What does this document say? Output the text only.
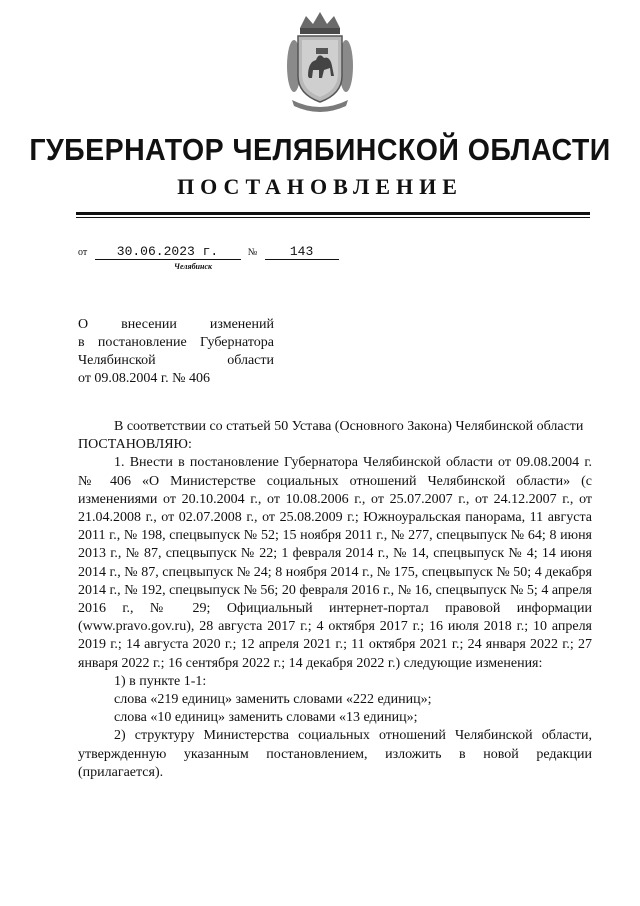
ГУБЕРНАТОР ЧЕЛЯБИНСКОЙ ОБЛАСТИ
ПОСТАНОВЛЕНИЕ
от 30.06.2023 г.	№	143
Челябинск
О внесении изменений
в постановление Губернатора
Челябинской области
от 09.08.2004 г. № 406

В соответствии со статьей 50 Устава (Основного Закона) Челябинской области

ПОСТАНОВЛЯЮ:

1. Внести в постановление Губернатора Челябинской области от 09.08.2004 г. № 406 «О Министерстве социальных отношений Челябинской области» (с изменениями от 20.10.2004 г., от 10.08.2006 г., от 25.07.2007 г., от 24.12.2007 г., от 21.04.2008 г., от 02.07.2008 г., от 25.08.2009 г.; Южноуральская панорама, 11 августа 2011 г., № 198, спецвыпуск № 52; 15 ноября 2011 г., № 277, спецвыпуск № 64; 8 июня 2013 г., № 87, спецвыпуск № 22; 1 февраля 2014 г., № 14, спецвыпуск № 4; 14 июня 2014 г., № 87, спецвыпуск № 24; 8 ноября 2014 г., № 175, спецвыпуск № 50; 4 декабря 2014 г., № 192, спецвыпуск № 56; 20 февраля 2016 г., № 16, спецвыпуск № 5; 4 апреля 2016 г., № 29; Официальный интернет-портал правовой информации (www.pravo.gov.ru), 28 августа 2017 г.; 4 октября 2017 г.; 16 июля 2018 г.; 10 апреля 2019 г.; 14 августа 2020 г.; 12 апреля 2021 г.; 11 октября 2021 г.; 24 января 2022 г.; 27 января 2022 г.; 16 сентября 2022 г.; 14 декабря 2022 г.) следующие изменения:

1) в пункте 1-1:

слова «219 единиц» заменить словами «222 единиц»;

слова «10 единиц» заменить словами «13 единиц»;

2) структуру Министерства социальных отношений Челябинской области, утвержденную указанным постановлением, изложить в новой редакции (прилагается).
